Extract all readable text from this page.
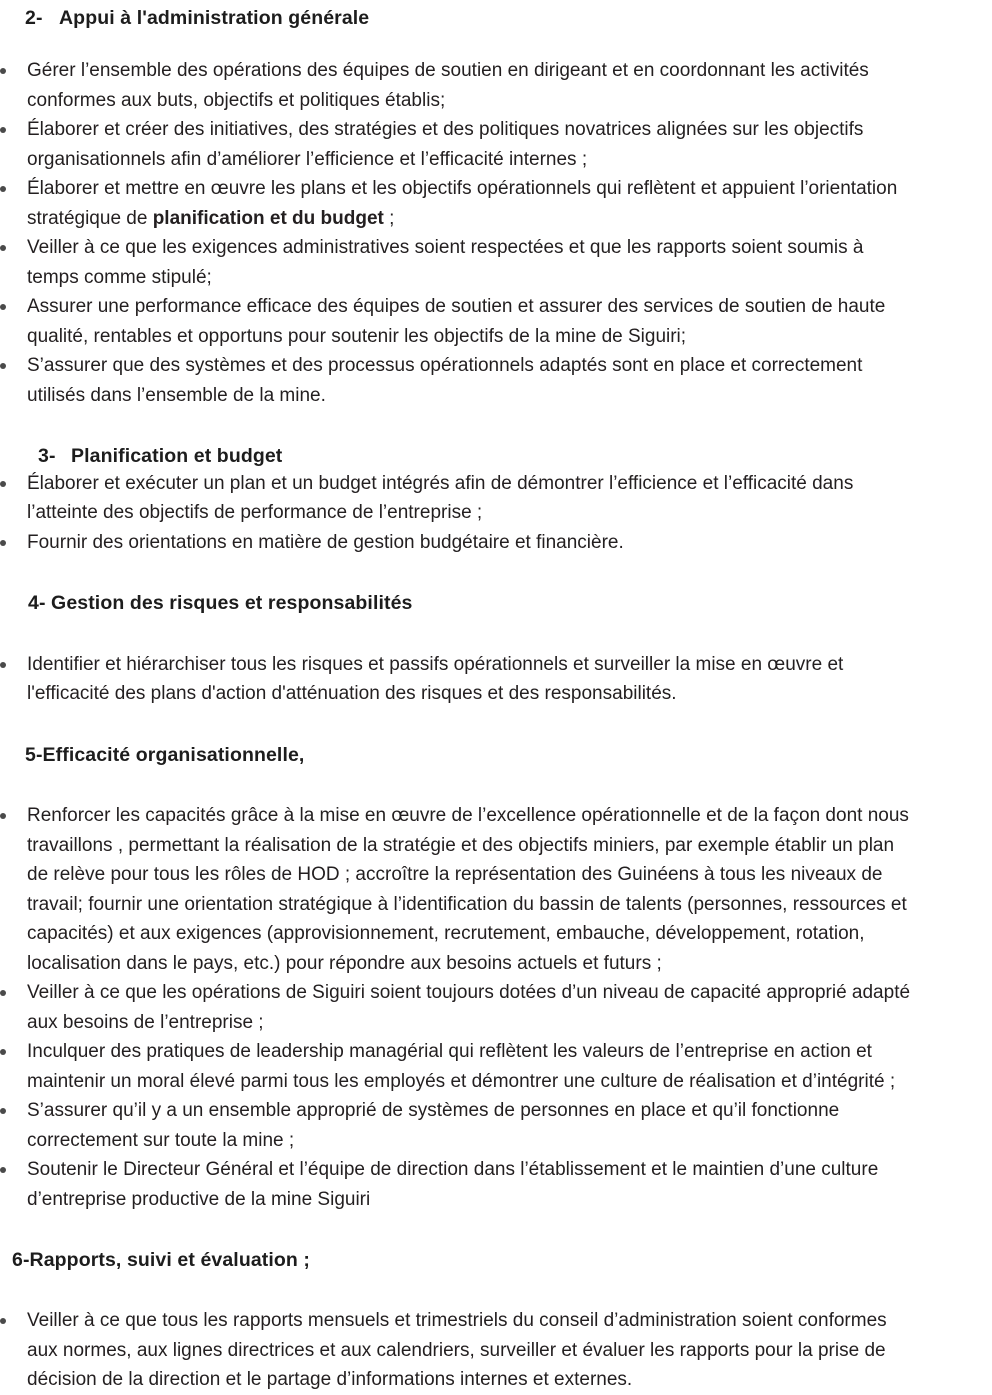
2- Appui à l'administration générale
Gérer l’ensemble des opérations des équipes de soutien en dirigeant et en coordonnant les activités conformes aux buts, objectifs et politiques établis;
Élaborer et créer des initiatives, des stratégies et des politiques novatrices alignées sur les objectifs organisationnels afin d’améliorer l’efficience et l’efficacité internes ;
Élaborer et mettre en œuvre les plans et les objectifs opérationnels qui reflètent et appuient l’orientation stratégique de planification et du budget ;
Veiller à ce que les exigences administratives soient respectées et que les rapports soient soumis à temps comme stipulé;
Assurer une performance efficace des équipes de soutien et assurer des services de soutien de haute qualité, rentables et opportuns pour soutenir les objectifs de la mine de Siguiri;
S’assurer que des systèmes et des processus opérationnels adaptés sont en place et correctement utilisés dans l’ensemble de la mine.
3- Planification et budget
Élaborer et exécuter un plan et un budget intégrés afin de démontrer l’efficience et l’efficacité dans l’atteinte des objectifs de performance de l’entreprise ;
Fournir des orientations en matière de gestion budgétaire et financière.
4- Gestion des risques et responsabilités
Identifier et hiérarchiser tous les risques et passifs opérationnels et surveiller la mise en œuvre et l'efficacité des plans d'action d'atténuation des risques et des responsabilités.
5-Efficacité organisationnelle,
Renforcer les capacités grâce à la mise en œuvre de l’excellence opérationnelle et de la façon dont nous travaillons , permettant la réalisation de la stratégie et des objectifs miniers, par exemple établir un plan de relève pour tous les rôles de HOD ; accroître la représentation des Guinéens à tous les niveaux de travail; fournir une orientation stratégique à l’identification du bassin de talents (personnes, ressources et capacités) et aux exigences (approvisionnement, recrutement, embauche, développement, rotation, localisation dans le pays, etc.) pour répondre aux besoins actuels et futurs ;
Veiller à ce que les opérations de Siguiri soient toujours dotées d’un niveau de capacité approprié adapté aux besoins de l’entreprise ;
Inculquer des pratiques de leadership managérial qui reflètent les valeurs de l’entreprise en action et maintenir un moral élevé parmi tous les employés et démontrer une culture de réalisation et d’intégrité ;
S’assurer qu’il y a un ensemble approprié de systèmes de personnes en place et qu’il fonctionne correctement sur toute la mine ;
Soutenir le Directeur Général et l’équipe de direction dans l’établissement et le maintien d’une culture d’entreprise productive de la mine Siguiri
6-Rapports, suivi et évaluation ;
Veiller à ce que tous les rapports mensuels et trimestriels du conseil d’administration soient conformes aux normes, aux lignes directrices et aux calendriers, surveiller et évaluer les rapports pour la prise de décision de la direction et le partage d’informations internes et externes.
